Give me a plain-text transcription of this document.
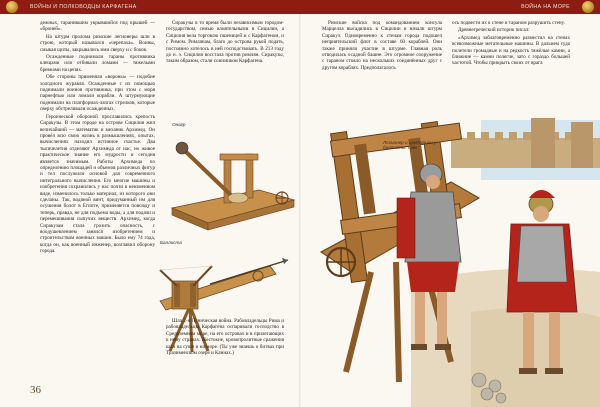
ВОЙНЫ И ПОЛКОВОДЦЫ КАРФАГЕНА	ВОЙНА НА МОРЕ

дежных, таранившим укрывшийся под крышей — «броней».

На штурм пролома римские легионеры шли в строю, который назывался «черепаха». Воины, смыкая щиты, закрывались ими сверху и с боков.

Осажденные поднимали тараны противника клещами или отбивали ломами — тяжелыми бревнами на цепях.

Обе стороны применяли «вороны» — подобие холодного журавля. Осажденные с их помощью поднимали воинов противника, при этом с моря парнефтью или ломали корабли. А штурмующие поднимали на платформах-лязгах стрелков, которые сверху обстреливали осажденных.

Героической обороной прославились крепость Сиракузы. В этом городе на острове Сицилия жил величайший — математик и механик Архимед. Он провёл всю свою жизнь в размышлениях, опытах, вычислениях находил истинное счастье. Два тысячелетия отделяют Архимеда от нас, но живое практическое знание его мудрости и сегодня является значимым. Работы Архимеда по определению площадей и объемов различных фигур и тел послужили основой для современного интегрального вычисления. Его многие машины и изобретения сохранились у нас почти в неизменном виде, изменилось только материал, из которого они сделаны. Так, водяной винт, придуманный им для осушения болот в Египте, применяется повсюду и теперь, правда, не для подъема воды, а для подачи и перемешивания сыпучих веществ. Архимед, когда Сиракузам стала грозить опасность, с воодушевлением занялся изобретением и строительством военных машин. Было ему 74 года, когда он, как военный инженер, возглавил оборону города.

Сиракузы в то время были независимым городом-государством, семью влиятельными в Сицилии, а Сицилия вела торговлю пшеницей и с Карфагеном, и с Римом. Римлянам, благо до острова рукой подать, постоянно хотелось в ней господствовать. В 213 году до н. э. Сицилия восстала против римлян. Сиракузы, таким образом, стали союзником Карфагена.

Онагр
Баллиста

Шла 2-я Пуническая война. Рабовладельцы Рима и рабовладельцы Карфагена оспаривали господство в Средиземном море, на его островах и в прилегающих к нему странах. Жестокие, кровопролитные сражения шли на суше и на море. (Ты уже знаешь о битвах при Тразименском озере и Каннах.)

36

Римские войска под командованием консула Марцелла высадились в Сицилии и начали штурм Сиракуз. Одновременно к стенам города подошел неприятельский флот в составе 60 кораблей. Они также приняли участие в штурме. Главная роль отводилась осадной башне. Это огромное сооружение с тараном стояло на нескольких соединённых друг с другом кораблях. Предполагалось

ось подвести их к стене и тараном разрушить стену.

Древнегреческий историк писал:

«Архимед заблаговременно разместил на стенах всевозможные метательные машины. В дальнем суда полетели громадные и на редкость тяжёлые камни, а ближние — камни полегче, зато с гораздо большей частотой. Чтобы прикрыть своих от врага

Легионер и центурион у баллисты. I век
